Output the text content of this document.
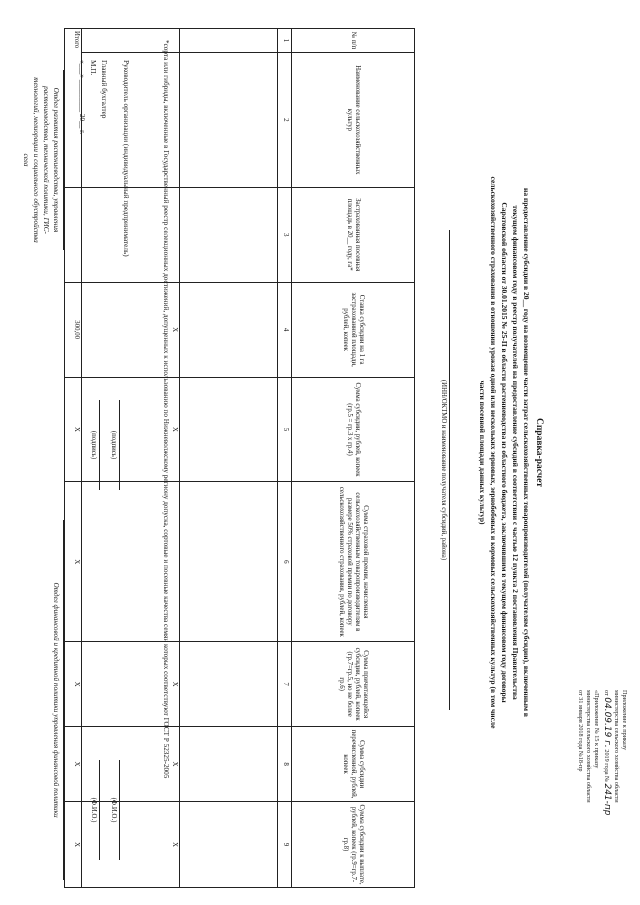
Приложение к приказу
министерства сельского хозяйства области
от 04.09.19 г. 2019 года № 241-пр
«Приложение № 15 к приказу
министерства сельского хозяйства области
от 31 января 2018 года №18-пр
Справка-расчет
на предоставление субсидии в 20__ году на возмещение части затрат сельскохозяйственных товаропроизводителей (получателям субсидии), включенным в
текущем финансовом году в реестр получателей на предоставление субсидий в соответствии с частью 12 пункта 2 постановления Правительства
Саратовской области от 30.01.2015 № 25-П в области растениеводства из областного бюджета, заключившим в текущем финансовом году договоры
сельскохозяйственного страхования в отношении урожая одной или нескольких зерновых, зернобобовых и кормовых сельскохозяйственных культур (в том числе
части посевной площади данных культур)
(ИНН/ОКТМО и наименование получателя субсидий, района)
№ п/п	Наименование сельскохозяйственных культур	Застрахованная посевная площадь в 20__ году, га*	Ставка субсидии на 1 га застрахованной площади, рублей, копеек	Сумма субсидии, рублей, копеек (гр.5 = гр.3 х гр.4)	Сумма страховой премии, начисленная сельскохозяйственным товаропроизводителям в размере 50% страховой премии по договору сельскохозяйственного страхования, рублей, копеек	Сумма причитающейся субсидии, рублей, копеек (гр.7=гр.5, но не более гр.6)	Сумма субсидии перечисленной, рублей, копеек	Сумма субсидии к выплате, рублей, копеек (гр.9=гр.7-гр.8)
1	2	3	4	5	6	7	8	9

			X	X		X	X	X
Итого			300,00	X	X	X	X	X
*сорта или гибриды, включенные в Государственный реестр селекционных достижений, допущенных к использованию по Нижневолжскому региону допуска, сортовые и посевные качества семян которых соответствуют ГОСТ Р 52325-2005
Руководитель организации (индивидуальный предприниматель)
Главный бухгалтер
М.П.
«___» _________ 20__ г.
(подпись)
(подпись)
(Ф.И.О.)
(Ф.И.О.)
Отдел развития растениеводства, управления
растениеводства, технической политики, ГИС-
технологий, мелиорации и социального обустройства
села
Отдел финансовой и кредитной политики управления финансовой политики
